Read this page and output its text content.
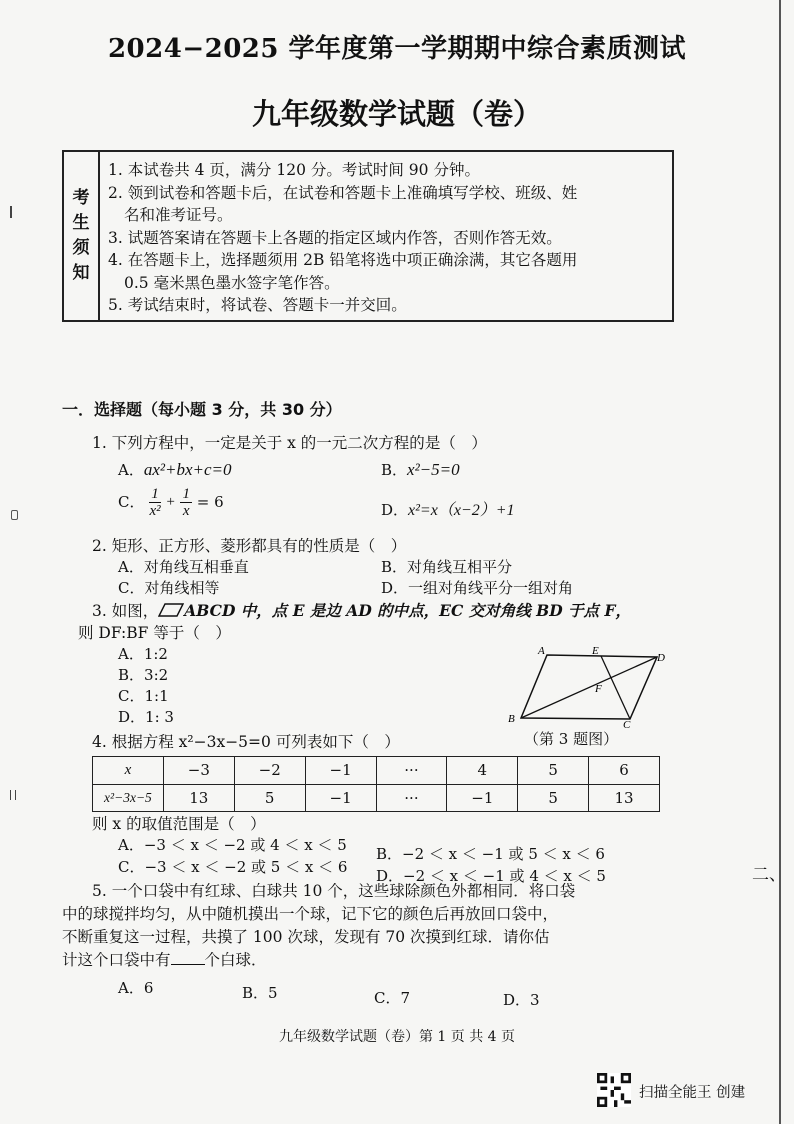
2024−2025 学年度第一学期期中综合素质测试
九年级数学试题（卷）
考
生
须
知
1. 本试卷共 4 页，满分 120 分。考试时间 90 分钟。
2. 领到试卷和答题卡后，在试卷和答题卡上准确填写学校、班级、姓
名和准考证号。
3. 试题答案请在答题卡上各题的指定区域内作答，否则作答无效。
4. 在答题卡上，选择题须用 2B 铅笔将选中项正确涂满，其它各题用
0.5 毫米黑色墨水签字笔作答。
5. 考试结束时，将试卷、答题卡一并交回。
一．选择题（每小题 3 分，共 30 分）
1. 下列方程中，一定是关于 x 的一元二次方程的是（　）
A．ax²+bx+c=0	B．x²−5=0
C． $\frac{1}{\text{x²}} + \frac{1}{x} = 6$	D．x²=x（x−2）+1
2. 矩形、正方形、菱形都具有的性质是（　）
A．对角线互相垂直	B．对角线互相平分
C．对角线相等	D．一组对角线平分一组对角
3. 如图， ABCD 中，点 E 是边 AD 的中点，EC 交对角线 BD 于点 F，
则 DF:BF 等于（　）
A．1:2
B．3:2
C．1:1
D．1: 3
A	E
D
F
B	C
（第 3 题图）
4. 根据方程 x²−3x−5=0 可列表如下（　）
x	−3	−2	−1	···	4	5	6
x²−3x−5	13	5	−1	···	−1	5	13
则 x 的取值范围是（　）
A．−3 ＜ x ＜ −2 或 4 ＜ x ＜ 5 B．−2 ＜ x ＜ −1 或 5 ＜ x ＜ 6
C．−3 ＜ x ＜ −2 或 5 ＜ x ＜ 6 D．−2 ＜ x ＜ −1 或 4 ＜ x ＜ 5
5. 一个口袋中有红球、白球共 10 个，这些球除颜色外都相同．将口袋
中的球搅拌均匀，从中随机摸出一个球，记下它的颜色后再放回口袋中，
不断重复这一过程，共摸了 100 次球，发现有 70 次摸到红球．请你估
计这个口袋中有 个白球．
A．6	B．5	C．7	D．3
二、
九年级数学试题（卷）第 1 页 共 4 页
扫描全能王 创建
